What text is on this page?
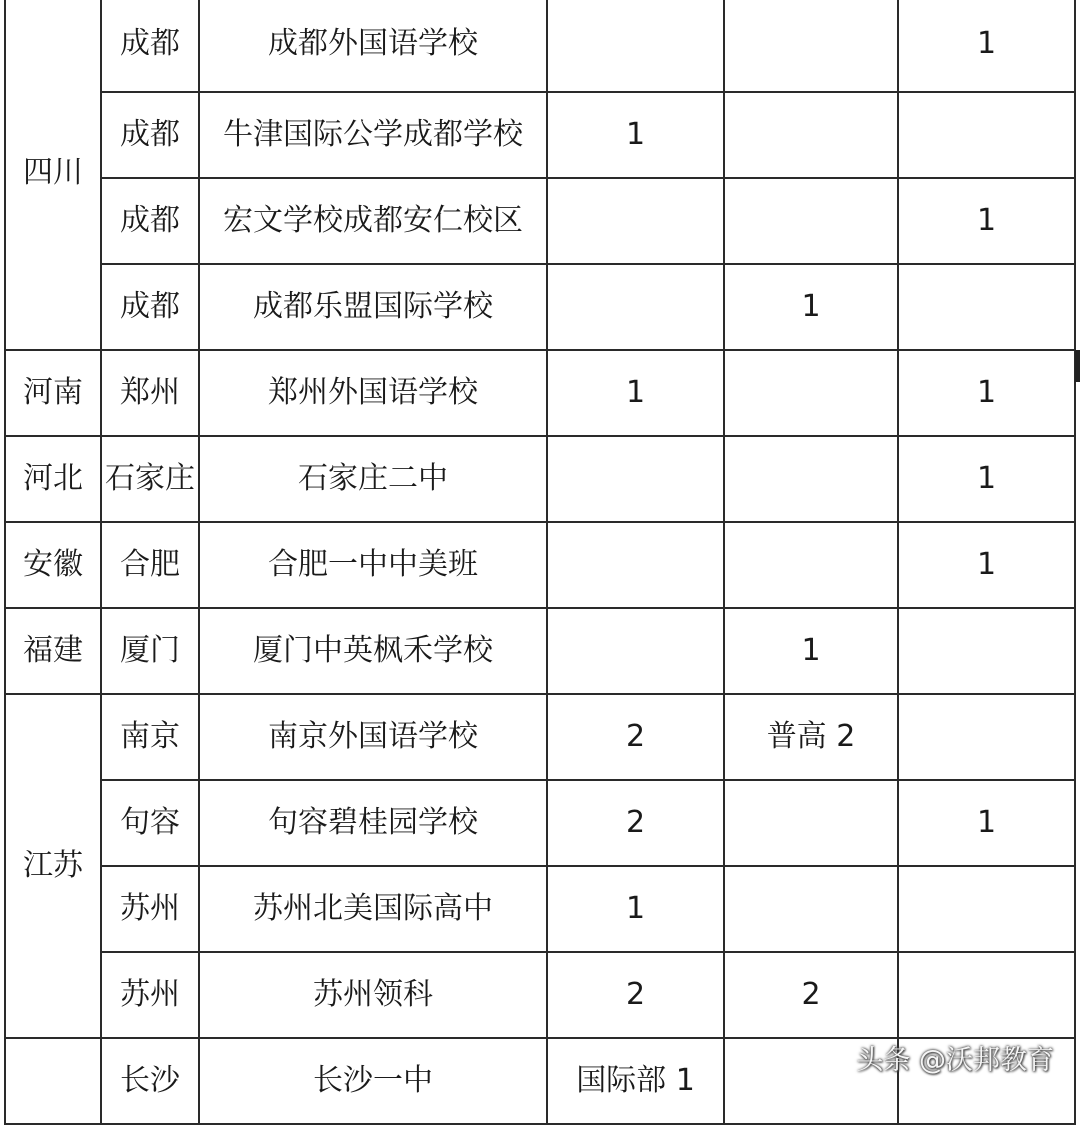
四川	成都	成都外国语学校			1
	成都	牛津国际公学成都学校	1		
	成都	宏文学校成都安仁校区			1
	成都	成都乐盟国际学校		1	
河南	郑州	郑州外国语学校	1		1
河北	石家庄	石家庄二中			1
安徽	合肥	合肥一中中美班			1
福建	厦门	厦门中英枫禾学校		1	
江苏	南京	南京外国语学校	2	普高 2	
	句容	句容碧桂园学校	2		1
	苏州	苏州北美国际高中	1		
	苏州	苏州领科	2	2	
	长沙	长沙一中	国际部 1		
头条 @沃邦教育
